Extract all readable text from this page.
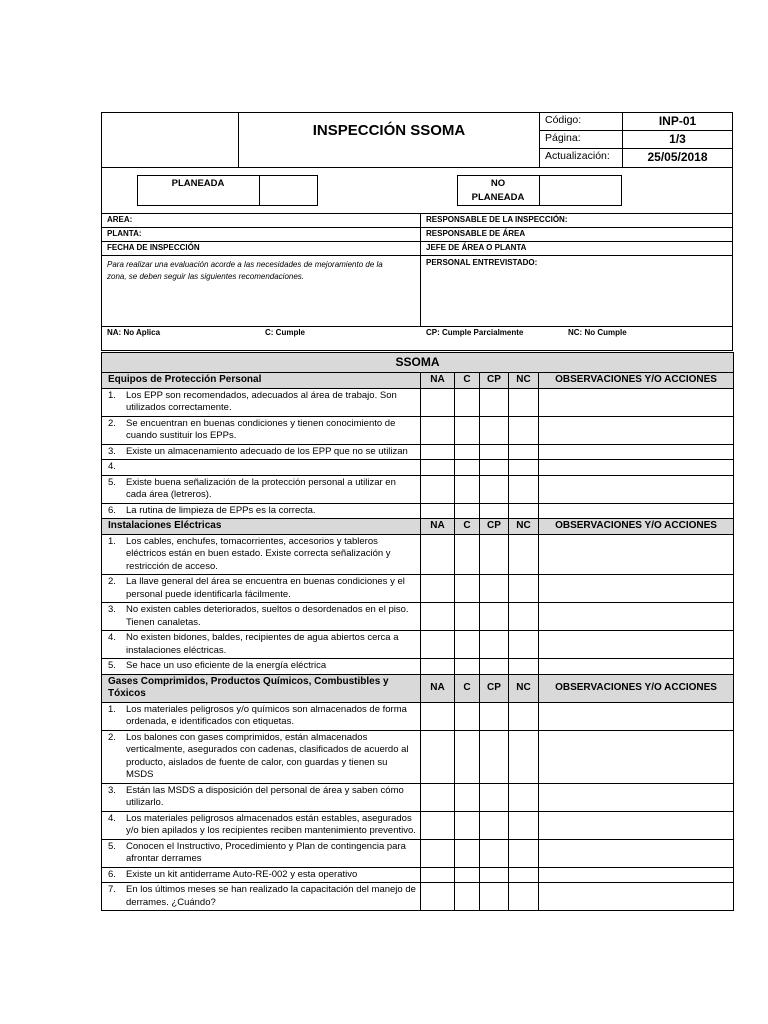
INSPECCIÓN SSOMA
Código:	INP-01
Página:	1/3
Actualización:	25/05/2018
PLANEADA	NO
PLANEADA
AREA:
PLANTA:
FECHA DE INSPECCIÓN
RESPONSABLE DE LA INSPECCIÓN:
RESPONSABLE DE ÁREA
JEFE DE ÁREA O PLANTA
PERSONAL ENTREVISTADO:
Para realizar una evaluación acorde a las necesidades de mejoramiento de la zona, se deben seguir las siguientes recomendaciones.
NA: No Aplica	C: Cumple	CP: Cumple Parcialmente	NC: No Cumple
SSOMA					
Equipos de Protección Personal	NA	C	CP	NC	OBSERVACIONES Y/O ACCIONES

1. Los EPP son recomendados, adecuados al área de trabajo. Son utilizados correctamente.					

2. Se encuentran en buenas condiciones y tienen conocimiento de cuando sustituir los EPPs.					

3. Existe un almacenamiento adecuado de los EPP que no se utilizan					

4.					

5. Existe buena señalización de la protección personal a utilizar en cada área (letreros).					

6. La rutina de limpieza de EPPs es la correcta.					

Instalaciones Eléctricas	NA	C	CP	NC	OBSERVACIONES Y/O ACCIONES

1. Los cables, enchufes, tomacorrientes, accesorios y tableros eléctricos están en buen estado. Existe correcta señalización y restricción de acceso.					

2. La llave general del área se encuentra en buenas condiciones y el personal puede identificarla fácilmente.					

3. No existen cables deteriorados, sueltos o desordenados en el piso. Tienen canaletas.					

4. No existen bidones, baldes, recipientes de agua abiertos cerca a instalaciones eléctricas.					

5. Se hace un uso eficiente de la energía eléctrica					

Gases Comprimidos, Productos Químicos, Combustibles y Tóxicos	NA	C	CP	NC	OBSERVACIONES Y/O ACCIONES

1. Los materiales peligrosos y/o químicos son almacenados de forma ordenada, e identificados con etiquetas.					

2. Los balones con gases comprimidos, están almacenados verticalmente, asegurados con cadenas, clasificados de acuerdo al producto, aislados de fuente de calor, con guardas y tienen su MSDS					

3. Están las MSDS a disposición del personal de área y saben cómo utilizarlo.					

4. Los materiales peligrosos almacenados están estables, asegurados y/o bien apilados y los recipientes reciben mantenimiento preventivo.					

5. Conocen el Instructivo, Procedimiento y Plan de contingencia para afrontar derrames					

6. Existe un kit antiderrame Auto-RE-002 y esta operativo					

7. En los últimos meses se han realizado la capacitación del manejo de derrames. ¿Cuándo?					
